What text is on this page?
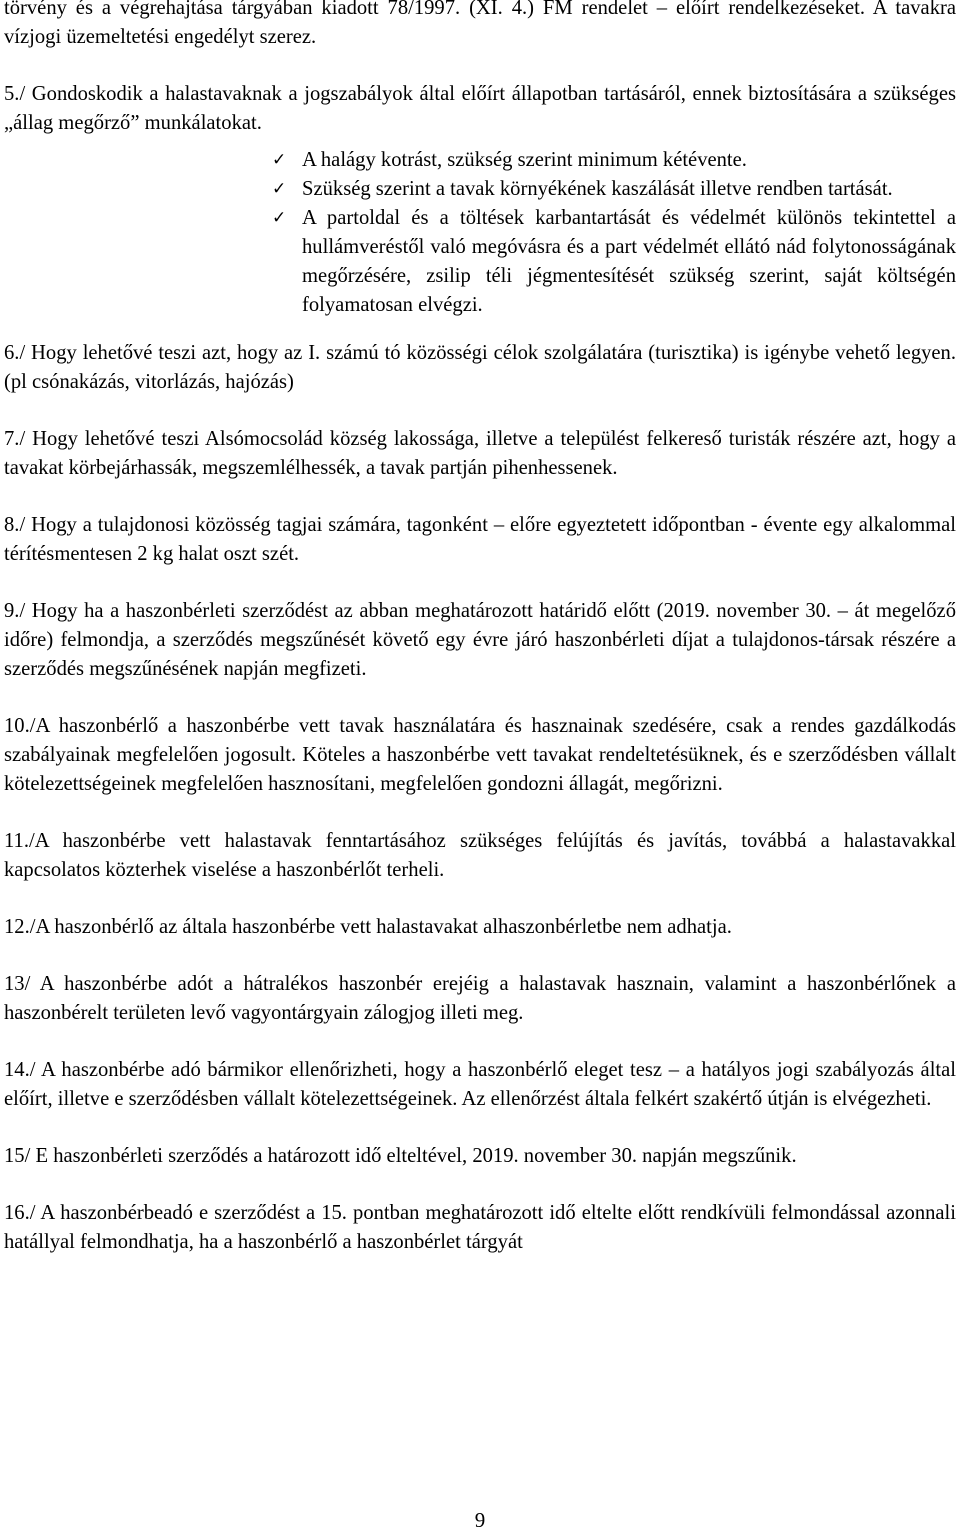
törvény és a végrehajtása tárgyában kiadott 78/1997. (XI. 4.) FM rendelet – előírt rendelkezéseket. A tavakra vízjogi üzemeltetési engedélyt szerez.

5./ Gondoskodik a halastavaknak a jogszabályok által előírt állapotban tartásáról, ennek biztosítására a szükséges „állag megőrző” munkálatokat.

✓ A halágy kotrást, szükség szerint minimum kétévente.
✓ Szükség szerint a tavak környékének kaszálását illetve rendben tartását.
✓ A partoldal és a töltések karbantartását és védelmét különös tekintettel a hullámveréstől való megóvásra és a part védelmét ellátó nád folytonosságának megőrzésére, zsilip téli jégmentesítését szükség szerint, saját költségén folyamatosan elvégzi.

6./ Hogy lehetővé teszi azt, hogy az I. számú tó közösségi célok szolgálatára (turisztika) is igénybe vehető legyen. (pl csónakázás, vitorlázás, hajózás)

7./ Hogy lehetővé teszi Alsómocsolád község lakossága, illetve a települést felkereső turisták részére azt, hogy a tavakat körbejárhassák, megszemlélhessék, a tavak partján pihenhessenek.

8./ Hogy a tulajdonosi közösség tagjai számára, tagonként – előre egyeztetett időpontban - évente egy alkalommal térítésmentesen 2 kg halat oszt szét.

9./ Hogy ha a haszonbérleti szerződést az abban meghatározott határidő előtt (2019. november 30. – át megelőző időre) felmondja, a szerződés megszűnését követő egy évre járó haszonbérleti díjat a tulajdonos-társak részére a szerződés megszűnésének napján megfizeti.

10./A haszonbérlő a haszonbérbe vett tavak használatára és hasznainak szedésére, csak a rendes gazdálkodás szabályainak megfelelően jogosult. Köteles a haszonbérbe vett tavakat rendeltetésüknek, és e szerződésben vállalt kötelezettségeinek megfelelően hasznosítani, megfelelően gondozni állagát, megőrizni.

11./A haszonbérbe vett halastavak fenntartásához szükséges felújítás és javítás, továbbá a halastavakkal kapcsolatos közterhek viselése a haszonbérlőt terheli.

12./A haszonbérlő az általa haszonbérbe vett halastavakat alhaszonbérletbe nem adhatja.

13/ A haszonbérbe adót a hátralékos haszonbér erejéig a halastavak hasznain, valamint a haszonbérlőnek a haszonbérelt területen levő vagyontárgyain zálogjog illeti meg.

14./ A haszonbérbe adó bármikor ellenőrizheti, hogy a haszonbérlő eleget tesz – a hatályos jogi szabályozás által előírt, illetve e szerződésben vállalt kötelezettségeinek. Az ellenőrzést általa felkért szakértő útján is elvégezheti.

15/ E haszonbérleti szerződés a határozott idő elteltével, 2019. november 30. napján megszűnik.

16./ A haszonbérbeadó e szerződést a 15. pontban meghatározott idő eltelte előtt rendkívüli felmondással azonnali hatállyal felmondhatja, ha a haszonbérlő a haszonbérlet tárgyát

9
